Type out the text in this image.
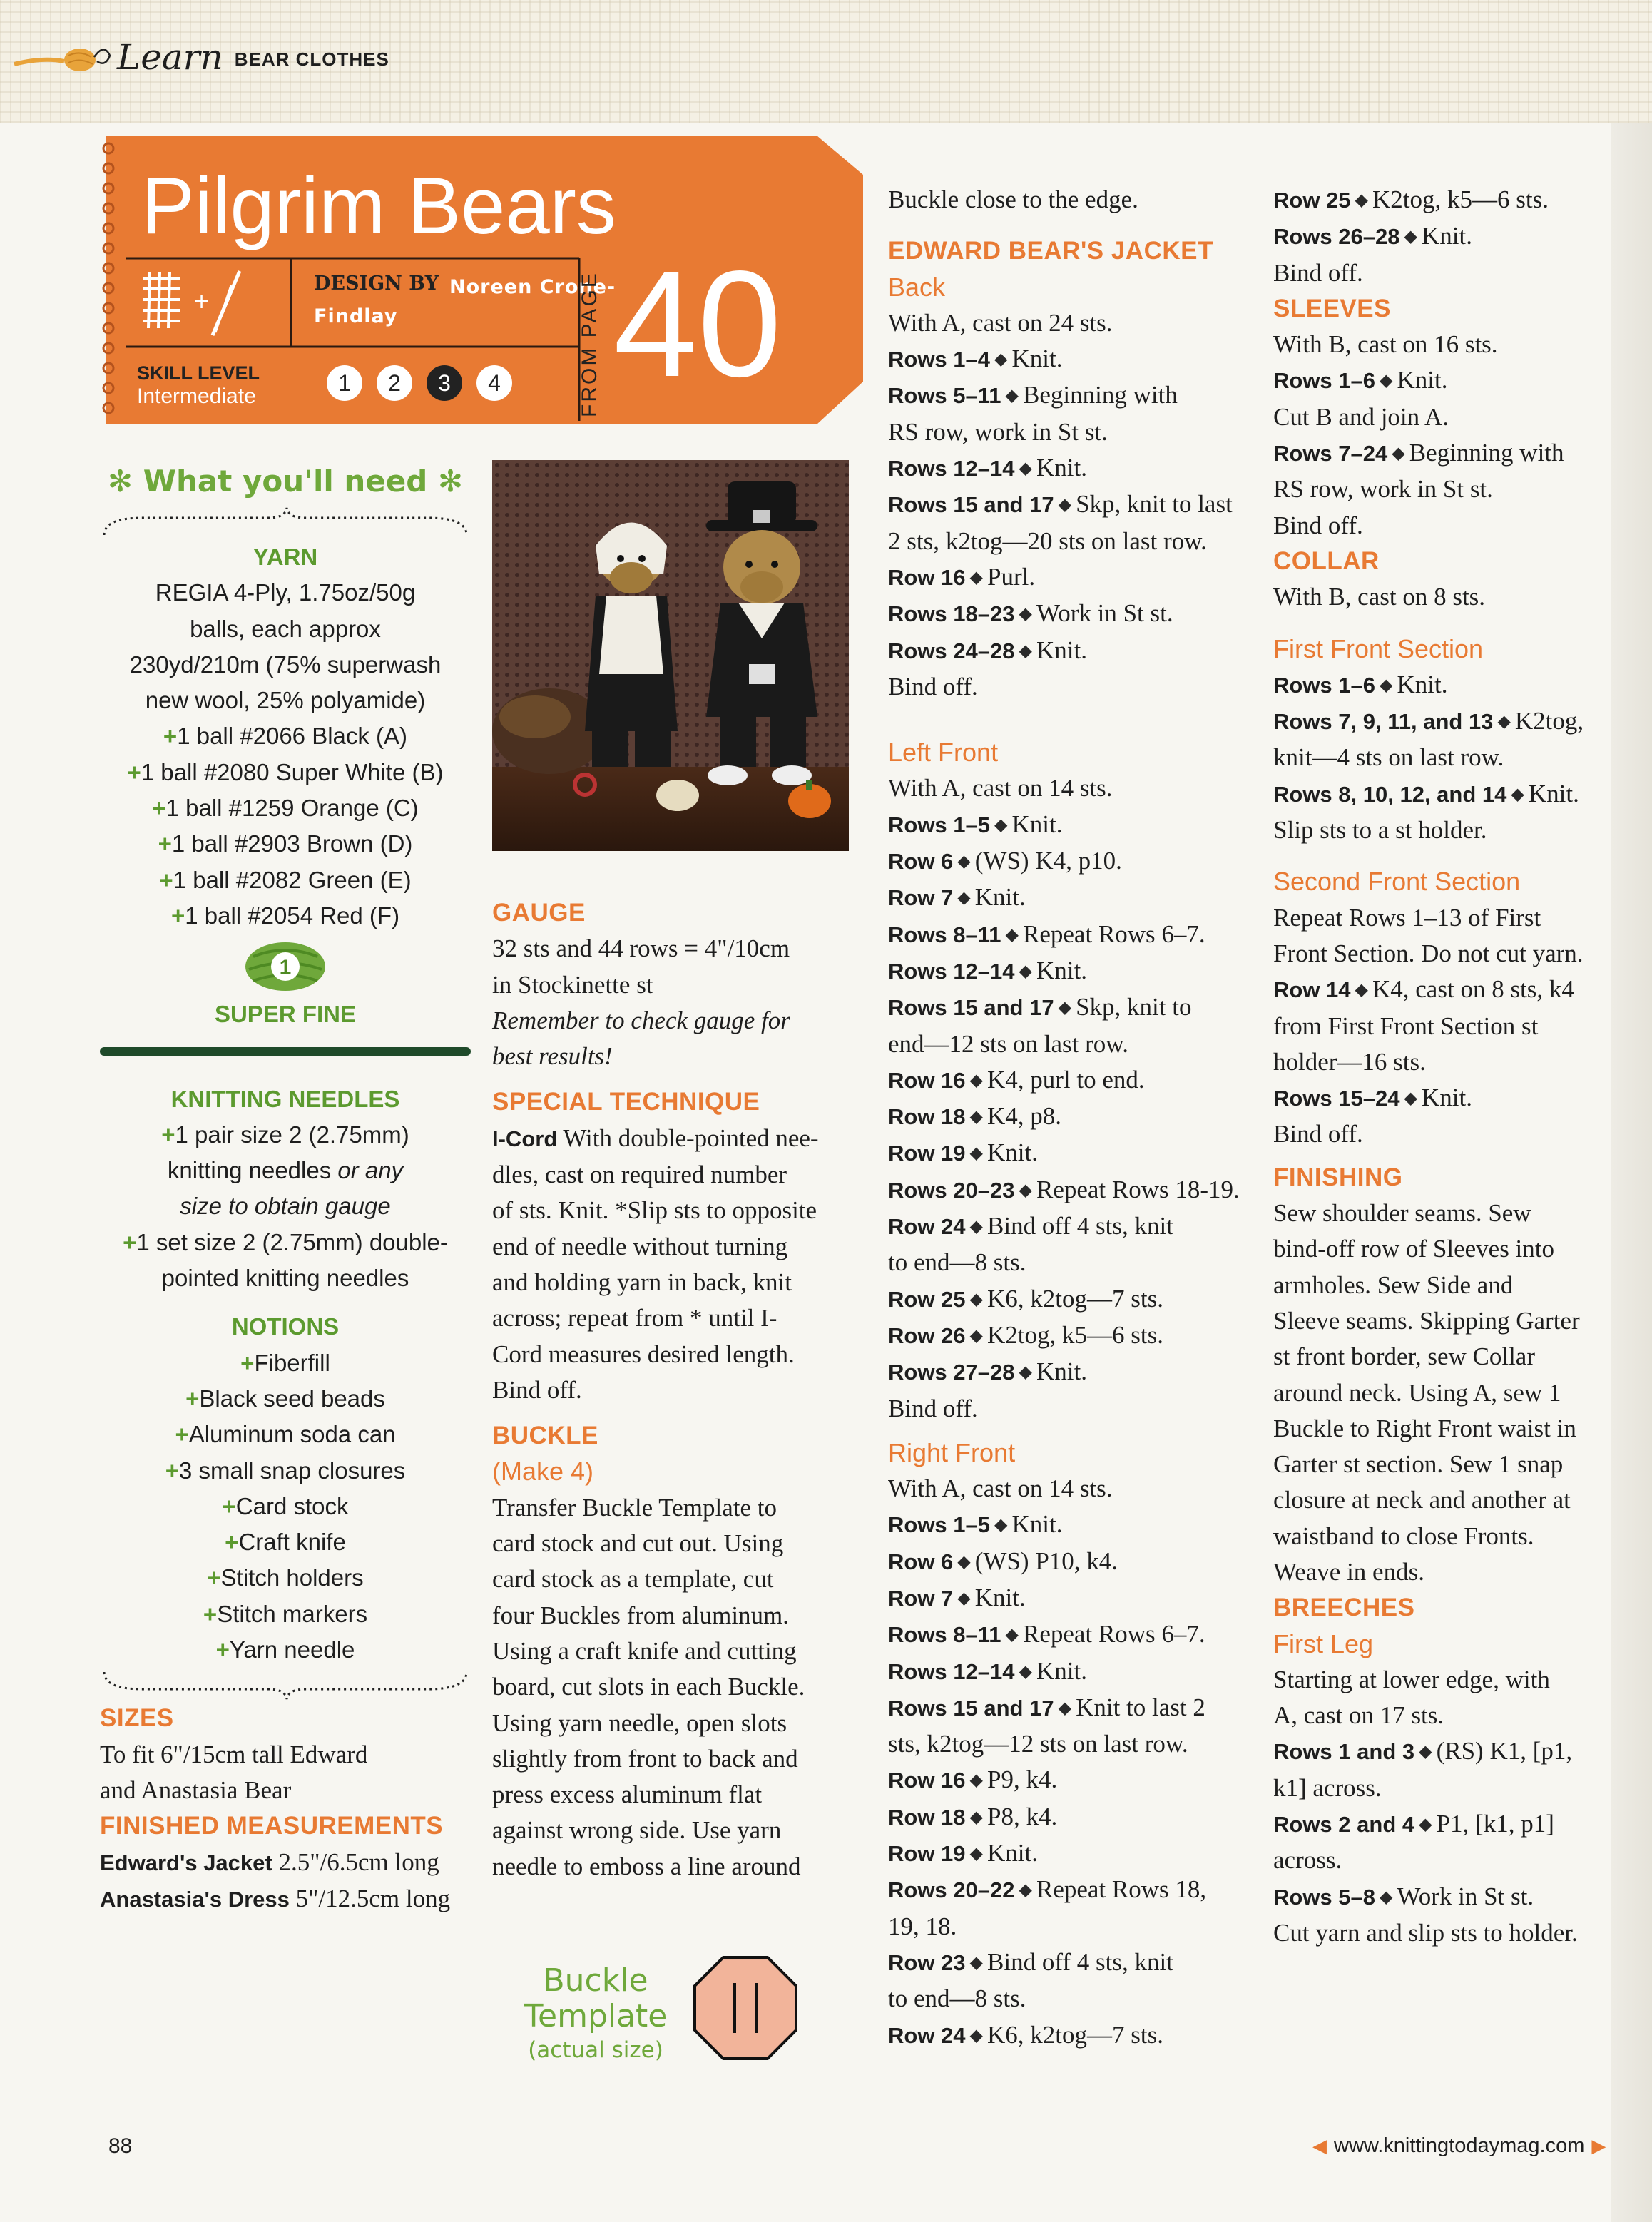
Learn BEAR CLOTHES
Pilgrim Bears
+
DESIGN BY Noreen Crone-Findlay
SKILL LEVEL
Intermediate
1	2	3	4	FROM PAGE 40
✻ What you'll need ✻

YARN

REGIA 4-Ply, 1.75oz/50g

balls, each approx

230yd/210m (75% superwash

new wool, 25% polyamide)

+1 ball #2066 Black (A)

+1 ball #2080 Super White (B)

+1 ball #1259 Orange (C)

+1 ball #2903 Brown (D)

+1 ball #2082 Green (E)

+1 ball #2054 Red (F)

1

SUPER FINE

KNITTING NEEDLES

+1 pair size 2 (2.75mm)

knitting needles or any

size to obtain gauge

+1 set size 2 (2.75mm) double-

pointed knitting needles

NOTIONS

+Fiberfill

+Black seed beads

+Aluminum soda can

+3 small snap closures

+Card stock

+Craft knife

+Stitch holders

+Stitch markers

+Yarn needle

SIZES

To fit 6"/15cm tall Edward

and Anastasia Bear

FINISHED MEASUREMENTS

Edward's Jacket 2.5"/6.5cm long

Anastasia's Dress 5"/12.5cm long

GAUGE

32 sts and 44 rows = 4"/10cm

in Stockinette st

Remember to check gauge for

best results!

SPECIAL TECHNIQUE

I-Cord With double-pointed nee-

dles, cast on required number

of sts. Knit. *Slip sts to opposite

end of needle without turning

and holding yarn in back, knit

across; repeat from * until I-

Cord measures desired length.

Bind off.

BUCKLE

(Make 4)

Transfer Buckle Template to

card stock and cut out. Using

card stock as a template, cut

four Buckles from aluminum.

Using a craft knife and cutting

board, cut slots in each Buckle.

Using yarn needle, open slots

slightly from front to back and

press excess aluminum flat

against wrong side. Use yarn

needle to emboss a line around

Buckle
Template
(actual size)

Buckle close to the edge.

EDWARD BEAR'S JACKET

Back

With A, cast on 24 sts.

Rows 1–4 ◆ Knit.

Rows 5–11 ◆ Beginning with

RS row, work in St st.

Rows 12–14 ◆ Knit.

Rows 15 and 17 ◆ Skp, knit to last

2 sts, k2tog—20 sts on last row.

Row 16 ◆ Purl.

Rows 18–23 ◆ Work in St st.

Rows 24–28 ◆ Knit.

Bind off.

Left Front

With A, cast on 14 sts.

Rows 1–5 ◆ Knit.

Row 6 ◆ (WS) K4, p10.

Row 7 ◆ Knit.

Rows 8–11 ◆ Repeat Rows 6–7.

Rows 12–14 ◆ Knit.

Rows 15 and 17 ◆ Skp, knit to

end—12 sts on last row.

Row 16 ◆ K4, purl to end.

Row 18 ◆ K4, p8.

Row 19 ◆ Knit.

Rows 20–23 ◆ Repeat Rows 18-19.

Row 24 ◆ Bind off 4 sts, knit

to end—8 sts.

Row 25 ◆ K6, k2tog—7 sts.

Row 26 ◆ K2tog, k5—6 sts.

Rows 27–28 ◆ Knit.

Bind off.

Right Front

With A, cast on 14 sts.

Rows 1–5 ◆ Knit.

Row 6 ◆ (WS) P10, k4.

Row 7 ◆ Knit.

Rows 8–11 ◆ Repeat Rows 6–7.

Rows 12–14 ◆ Knit.

Rows 15 and 17 ◆ Knit to last 2

sts, k2tog—12 sts on last row.

Row 16 ◆ P9, k4.

Row 18 ◆ P8, k4.

Row 19 ◆ Knit.

Rows 20–22 ◆ Repeat Rows 18,

19, 18.

Row 23 ◆ Bind off 4 sts, knit

to end—8 sts.

Row 24 ◆ K6, k2tog—7 sts.

Row 25 ◆ K2tog, k5—6 sts.

Rows 26–28 ◆ Knit.

Bind off.

SLEEVES

With B, cast on 16 sts.

Rows 1–6 ◆ Knit.

Cut B and join A.

Rows 7–24 ◆ Beginning with

RS row, work in St st.

Bind off.

COLLAR

With B, cast on 8 sts.

First Front Section

Rows 1–6 ◆ Knit.

Rows 7, 9, 11, and 13 ◆ K2tog,

knit—4 sts on last row.

Rows 8, 10, 12, and 14 ◆ Knit.

Slip sts to a st holder.

Second Front Section

Repeat Rows 1–13 of First

Front Section. Do not cut yarn.

Row 14 ◆ K4, cast on 8 sts, k4

from First Front Section st

holder—16 sts.

Rows 15–24 ◆ Knit.

Bind off.

FINISHING

Sew shoulder seams. Sew

bind-off row of Sleeves into

armholes. Sew Side and

Sleeve seams. Skipping Garter

st front border, sew Collar

around neck. Using A, sew 1

Buckle to Right Front waist in

Garter st section. Sew 1 snap

closure at neck and another at

waistband to close Fronts.

Weave in ends.

BREECHES

First Leg

Starting at lower edge, with

A, cast on 17 sts.

Rows 1 and 3 ◆ (RS) K1, [p1,

k1] across.

Rows 2 and 4 ◆ P1, [k1, p1] across.

Rows 5–8 ◆ Work in St st.

Cut yarn and slip sts to holder.

88	◀ www.knittingtodaymag.com ▶
